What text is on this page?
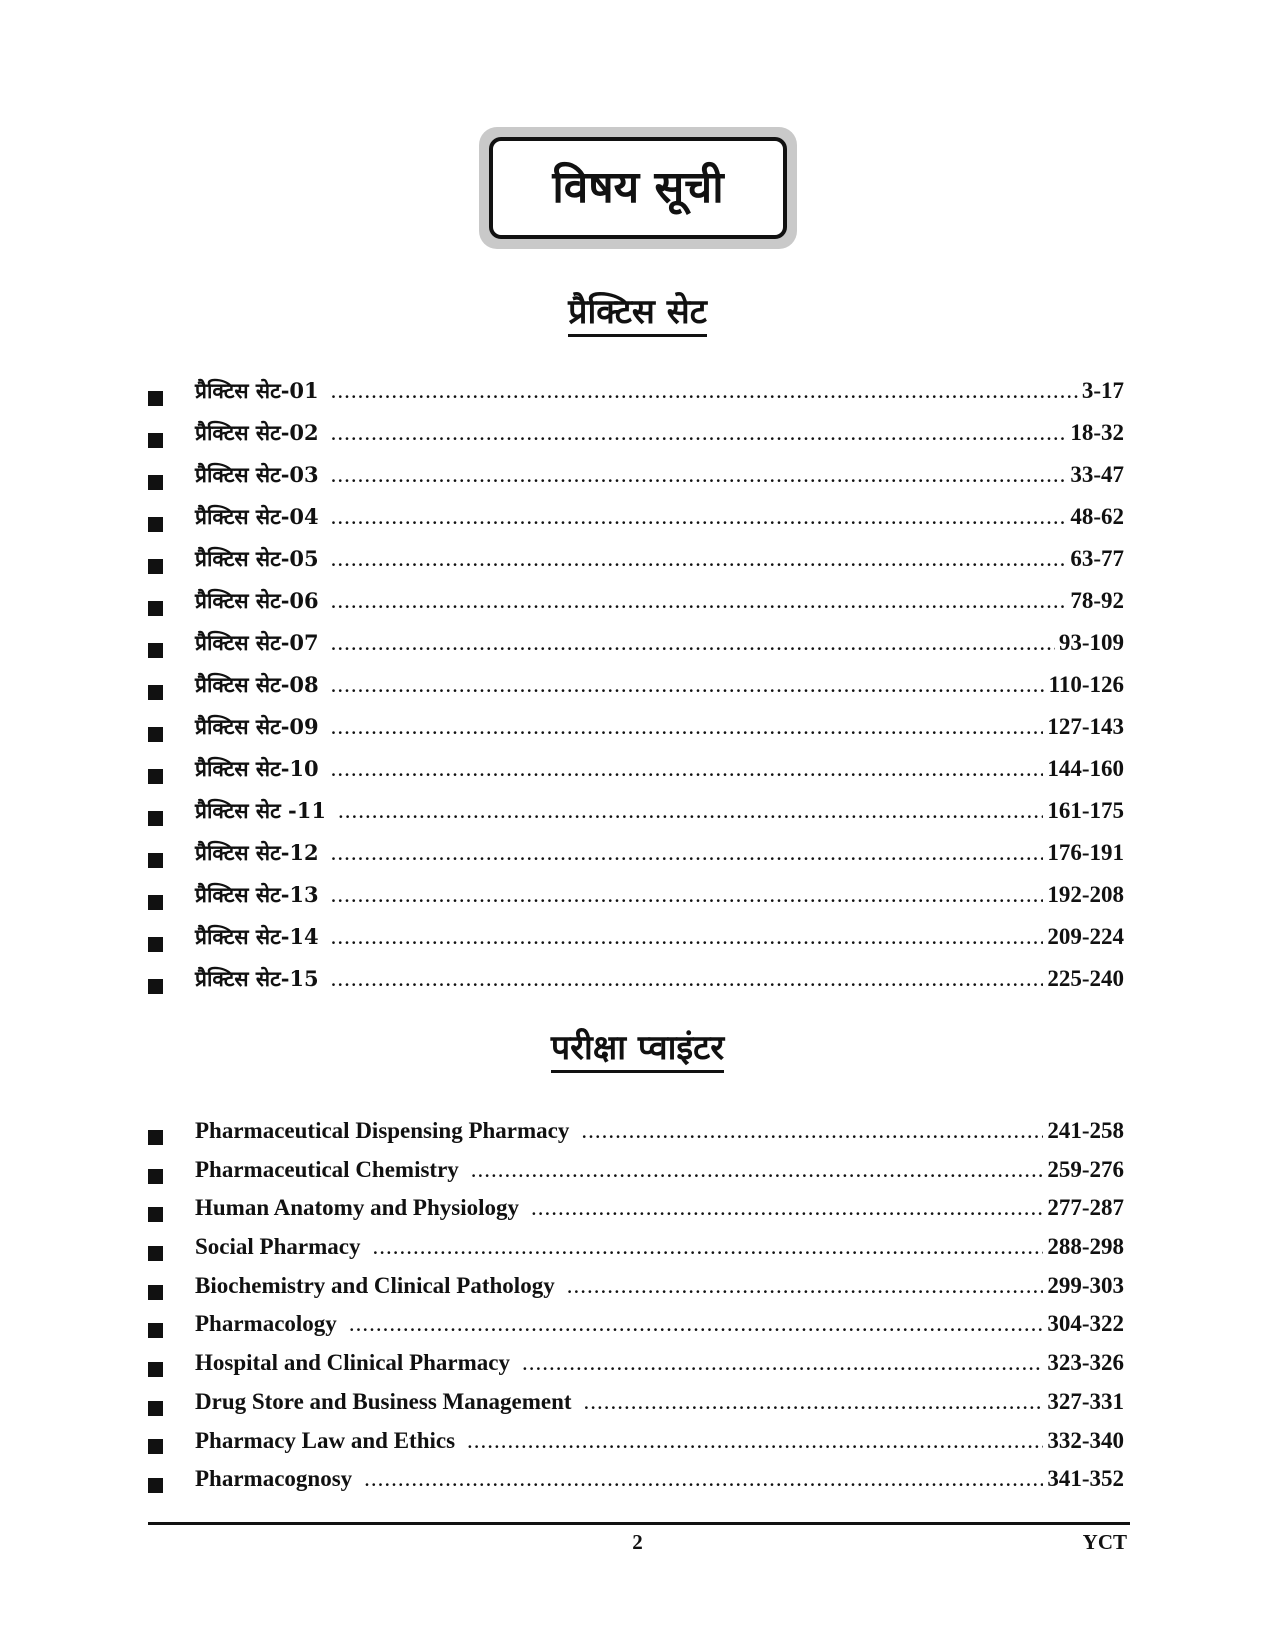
विषय सूची
प्रैक्टिस सेट
प्रैक्टिस सेट-01 .....	3-17
प्रैक्टिस सेट-02 .....	18-32
प्रैक्टिस सेट-03 .....	33-47
प्रैक्टिस सेट-04 .....	48-62
प्रैक्टिस सेट-05 .....	63-77
प्रैक्टिस सेट-06 .....	78-92
प्रैक्टिस सेट-07 .....	93-109
प्रैक्टिस सेट-08 .....	110-126
प्रैक्टिस सेट-09 .....	127-143
प्रैक्टिस सेट-10 .....	144-160
प्रैक्टिस सेट -11 .....	161-175
प्रैक्टिस सेट-12 .....	176-191
प्रैक्टिस सेट-13 .....	192-208
प्रैक्टिस सेट-14 .....	209-224
प्रैक्टिस सेट-15 .....	225-240
परीक्षा प्वाइंटर
Pharmaceutical Dispensing Pharmacy .....	241-258
Pharmaceutical Chemistry .....	259-276
Human Anatomy and Physiology .....	277-287
Social Pharmacy .....	288-298
Biochemistry and Clinical Pathology .....	299-303
Pharmacology .....	304-322
Hospital and Clinical Pharmacy .....	323-326
Drug Store and Business Management .....	327-331
Pharmacy Law and Ethics .....	332-340
Pharmacognosy .....	341-352
2	YCT
